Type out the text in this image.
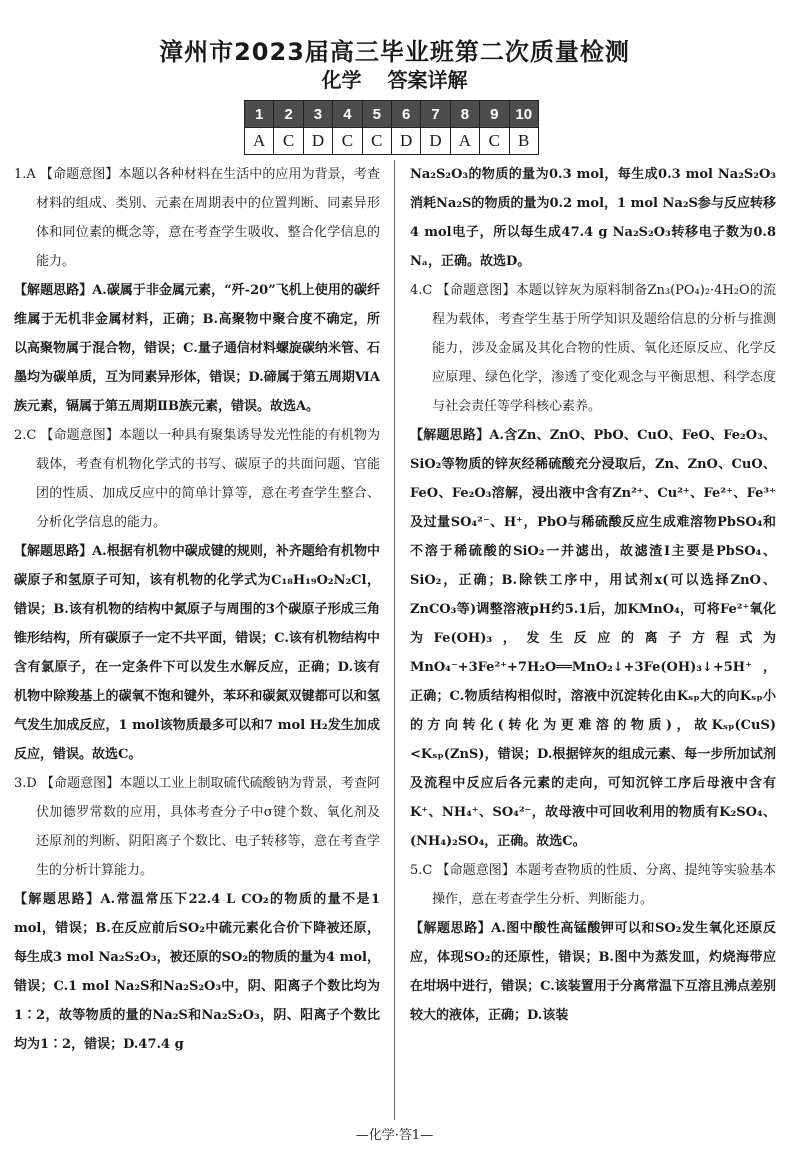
漳州市2023届高三毕业班第二次质量检测
化学 答案详解
1	2	3	4	5	6	7	8	9	10
A	C	D	C	C	D	D	A	C	B

1.A 【命题意图】本题以各种材料在生活中的应用为背景，考查材料的组成、类别、元素在周期表中的位置判断、同素异形体和同位素的概念等，意在考查学生吸收、整合化学信息的能力。

【解题思路】A.碳属于非金属元素，“歼-20”飞机上使用的碳纤维属于无机非金属材料，正确；B.高聚物中聚合度不确定，所以高聚物属于混合物，错误；C.量子通信材料螺旋碳纳米管、石墨均为碳单质，互为同素异形体，错误；D.碲属于第五周期ⅥA族元素，镉属于第五周期ⅡB族元素，错误。故选A。

2.C 【命题意图】本题以一种具有聚集诱导发光性能的有机物为载体，考查有机物化学式的书写、碳原子的共面问题、官能团的性质、加成反应中的简单计算等，意在考查学生整合、分析化学信息的能力。

【解题思路】A.根据有机物中碳成键的规则，补齐题给有机物中碳原子和氢原子可知，该有机物的化学式为C₁₈H₁₉O₂N₂Cl，错误；B.该有机物的结构中氮原子与周围的3个碳原子形成三角锥形结构，所有碳原子一定不共平面，错误；C.该有机物结构中含有氯原子，在一定条件下可以发生水解反应，正确；D.该有机物中除羧基上的碳氧不饱和键外，苯环和碳氮双键都可以和氢气发生加成反应，1 mol该物质最多可以和7 mol H₂发生加成反应，错误。故选C。

3.D 【命题意图】本题以工业上制取硫代硫酸钠为背景，考查阿伏加德罗常数的应用，具体考查分子中σ键个数、氧化剂及还原剂的判断、阴阳离子个数比、电子转移等，意在考查学生的分析计算能力。

【解题思路】A.常温常压下22.4 L CO₂的物质的量不是1 mol，错误；B.在反应前后SO₂中硫元素化合价下降被还原，每生成3 mol Na₂S₂O₃，被还原的SO₂的物质的量为4 mol，错误；C.1 mol Na₂S和Na₂S₂O₃中，阴、阳离子个数比均为1∶2，故等物质的量的Na₂S和Na₂S₂O₃，阴、阳离子个数比均为1∶2，错误；D.47.4 g

Na₂S₂O₃的物质的量为0.3 mol，每生成0.3 mol Na₂S₂O₃消耗Na₂S的物质的量为0.2 mol，1 mol Na₂S参与反应转移4 mol电子，所以每生成47.4 g Na₂S₂O₃转移电子数为0.8 Nₐ，正确。故选D。

4.C 【命题意图】本题以锌灰为原料制备Zn₃(PO₄)₂·4H₂O的流程为载体，考查学生基于所学知识及题给信息的分析与推测能力，涉及金属及其化合物的性质、氧化还原反应、化学反应原理、绿色化学，渗透了变化观念与平衡思想、科学态度与社会责任等学科核心素养。

【解题思路】A.含Zn、ZnO、PbO、CuO、FeO、Fe₂O₃、SiO₂等物质的锌灰经稀硫酸充分浸取后，Zn、ZnO、CuO、FeO、Fe₂O₃溶解，浸出液中含有Zn²⁺、Cu²⁺、Fe²⁺、Fe³⁺及过量SO₄²⁻、H⁺，PbO与稀硫酸反应生成难溶物PbSO₄和不溶于稀硫酸的SiO₂一并滤出，故滤渣Ⅰ主要是PbSO₄、SiO₂，正确；B.除铁工序中，用试剂x(可以选择ZnO、ZnCO₃等)调整溶液pH约5.1后，加KMnO₄，可将Fe²⁺氧化为Fe(OH)₃，发生反应的离子方程式为MnO₄⁻+3Fe²⁺+7H₂O══MnO₂↓+3Fe(OH)₃↓+5H⁺，正确；C.物质结构相似时，溶液中沉淀转化由Kₛₚ大的向Kₛₚ小的方向转化(转化为更难溶的物质)，故Kₛₚ(CuS)<Kₛₚ(ZnS)，错误；D.根据锌灰的组成元素、每一步所加试剂及流程中反应后各元素的走向，可知沉锌工序后母液中含有K⁺、NH₄⁺、SO₄²⁻，故母液中可回收利用的物质有K₂SO₄、(NH₄)₂SO₄，正确。故选C。

5.C 【命题意图】本题考查物质的性质、分离、提纯等实验基本操作，意在考查学生分析、判断能力。

【解题思路】A.图中酸性高锰酸钾可以和SO₂发生氧化还原反应，体现SO₂的还原性，错误；B.图中为蒸发皿，灼烧海带应在坩埚中进行，错误；C.该装置用于分离常温下互溶且沸点差别较大的液体，正确；D.该装

—化学·答1—
